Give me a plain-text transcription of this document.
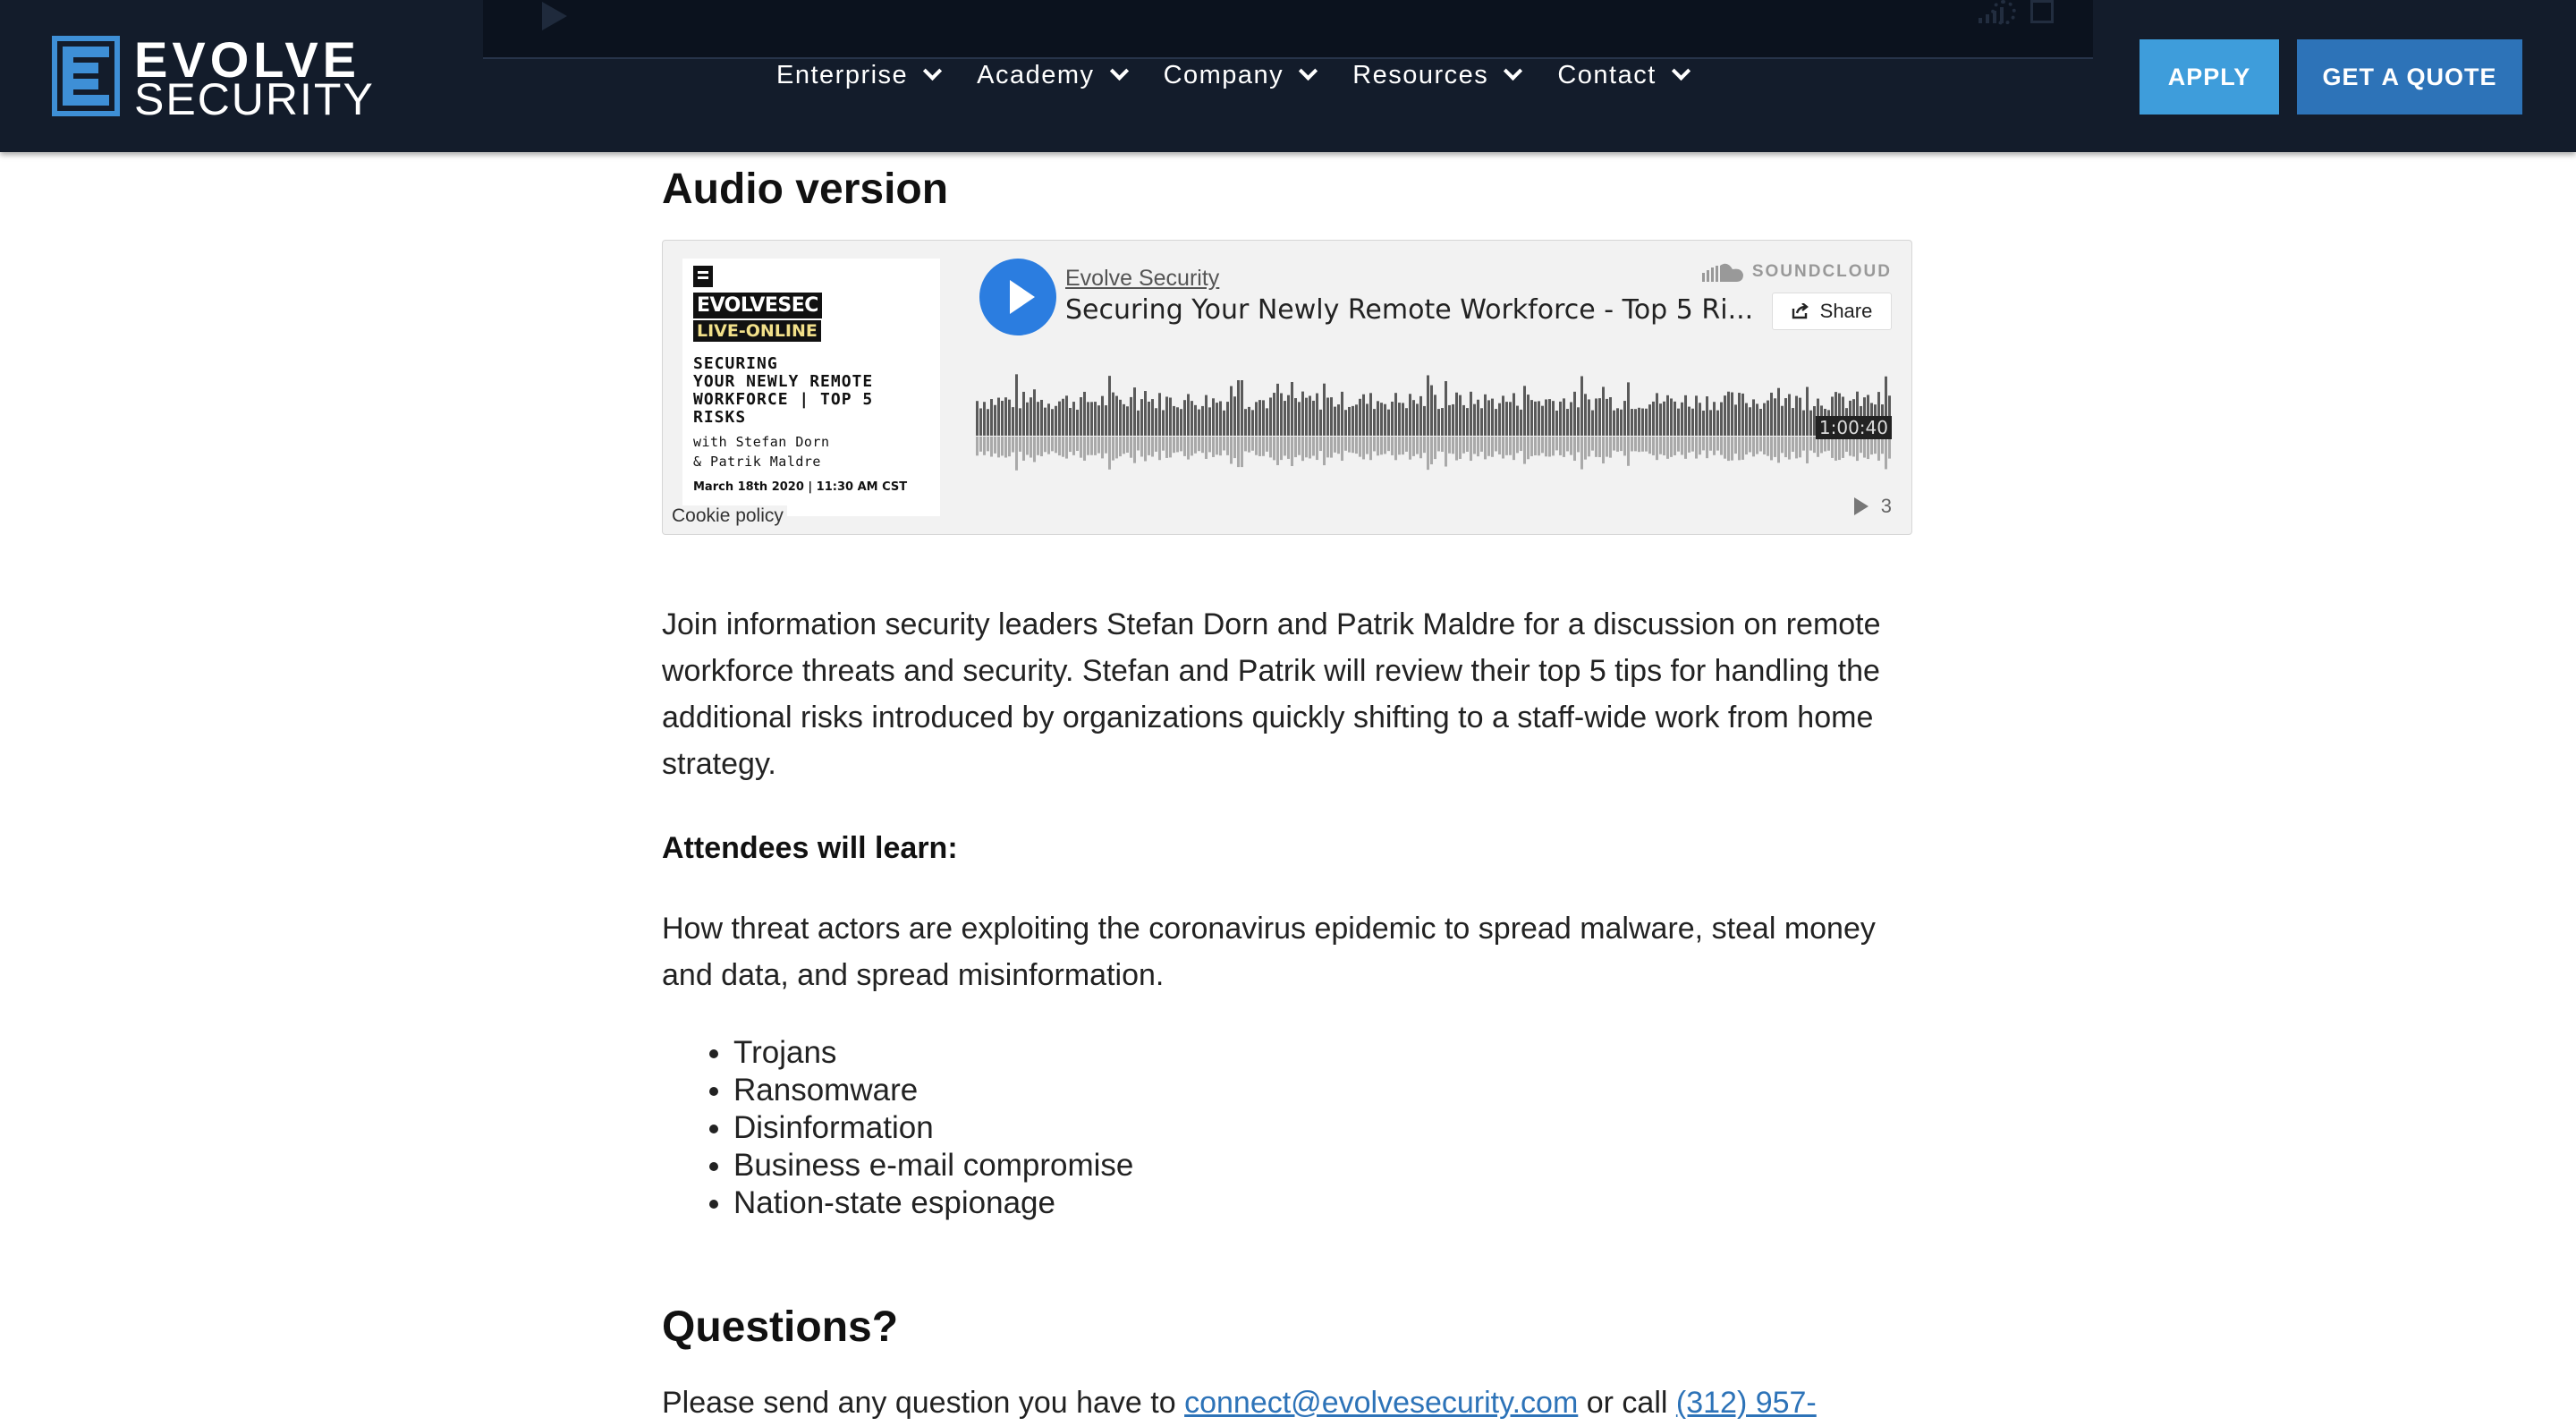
EVOLVE
SECURITY	Enterprise	Academy	Company	Resources	Contact	APPLY	GET A QUOTE
Audio version
EVOLVESEC
LIVE-ONLINE
SECURING
YOUR NEWLY REMOTE
WORKFORCE | TOP 5
RISKS
with Stefan Dorn
& Patrik Maldre
March 18th 2020 | 11:30 AM CST
Cookie policy
Evolve Security
Securing Your Newly Remote Workforce - Top 5 Ri...
SOUNDCLOUD
Share
1:00:40
3
Join information security leaders Stefan Dorn and Patrik Maldre for a discussion on remote workforce threats and security. Stefan and Patrik will review their top 5 tips for handling the additional risks introduced by organizations quickly shifting to a staff-wide work from home strategy.
Attendees will learn:
How threat actors are exploiting the coronavirus epidemic to spread malware, steal money and data, and spread misinformation.
• Trojans
• Ransomware
• Disinformation
• Business e-mail compromise
• Nation-state espionage
Questions?
Please send any question you have to connect@evolvesecurity.com or call (312) 957-
